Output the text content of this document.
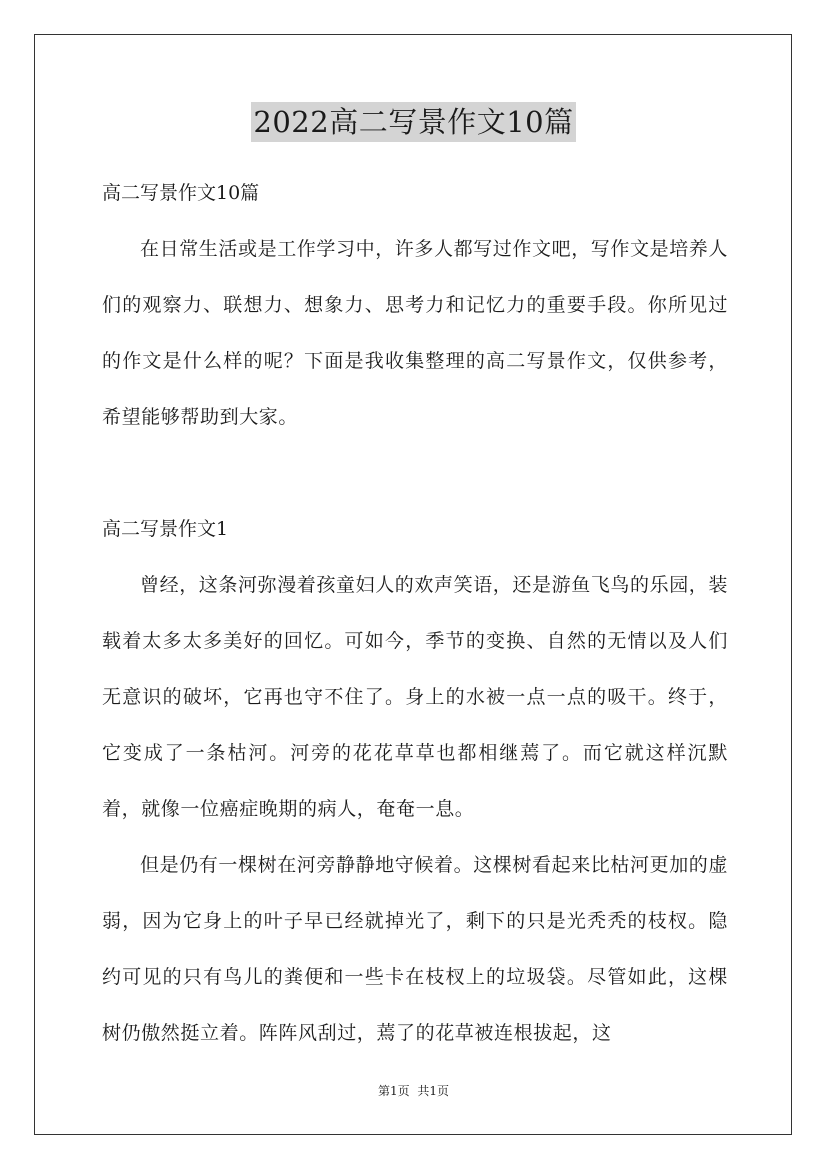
2022高二写景作文10篇

高二写景作文10篇

在日常生活或是工作学习中，许多人都写过作文吧，写作文是培养人们的观察力、联想力、想象力、思考力和记忆力的重要手段。你所见过的作文是什么样的呢？下面是我收集整理的高二写景作文，仅供参考，希望能够帮助到大家。

高二写景作文1

曾经，这条河弥漫着孩童妇人的欢声笑语，还是游鱼飞鸟的乐园，装载着太多太多美好的回忆。可如今，季节的变换、自然的无情以及人们无意识的破坏，它再也守不住了。身上的水被一点一点的吸干。终于，它变成了一条枯河。河旁的花花草草也都相继蔫了。而它就这样沉默着，就像一位癌症晚期的病人，奄奄一息。

但是仍有一棵树在河旁静静地守候着。这棵树看起来比枯河更加的虚弱，因为它身上的叶子早已经就掉光了，剩下的只是光秃秃的枝杈。隐约可见的只有鸟儿的粪便和一些卡在枝杈上的垃圾袋。尽管如此，这棵树仍傲然挺立着。阵阵风刮过，蔫了的花草被连根拔起，这

第1页 共1页
